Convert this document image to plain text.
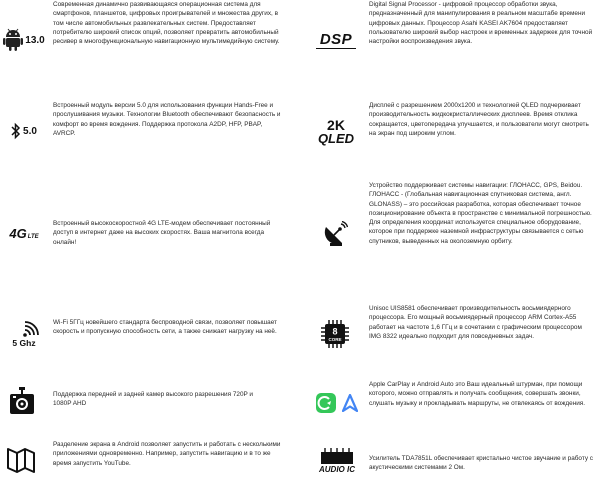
13.0

Современная динамично развивающаяся операционная система для смартфонов, планшетов, цифровых проигрывателей и множества других, в том числе автомобильных развлекательных систем. Предоставляет потребителю широкий список опций, позволяет превратить автомобильный ресивер в многофункциональную навигационную мультимедийную систему.

5.0

Встроенный модуль версии 5.0 для использования функции Hands-Free и прослушивания музыки. Технологии Bluetooth обеспечивают безопасность и комфорт во время вождения. Поддержка протокола A2DP, HFP, PBAP, AVRCP.

4G LTE

Встроенный высокоскоростной 4G LTE-модем обеспечивает постоянный доступ в интернет даже на высоких скоростях. Ваша магнитола всегда онлайн!

5 Ghz

Wi-Fi 5ГГц новейшего стандарта беспроводной связи, позволяет повышает скорость и пропускную способность сети, а также снижает нагрузку на неё.

Поддержка передней и задней камер высокого разрешения 720P и 1080P AHD

Разделение экрана в Android позволяет запустить и работать с несколькими приложениями одновременно. Например, запустить навигацию и в то же время запустить YouTube.

DSP

Digital Signal Processor - цифровой процессор обработки звука, предназначенный для манипулирования в реальном масштабе времени цифровых данных. Процессор Asahi KASEI AK7604 предоставляет пользователю широкий выбор настроек и временных задержек для точной настройки воспроизведения звука.

2K
QLED

Дисплей с разрешением 2000x1200 и технологией QLED подчеркивает производительность жидкокристаллических дисплеев. Время отклика сокращается, цветопередача улучшается, и пользователи могут смотреть на экран под широким углом.

Устройство поддерживает системы навигации: ГЛОНАСС, GPS, Beidou. ГЛОНАСС - (Глобальная навигационная спутниковая система, англ. GLONASS) – это российская разработка, которая обеспечивает точное позиционирование объекта в пространстве с минимальной погрешностью. Для определения координат используется специальное оборудование, которое при поддержке наземной инфраструктуры связывается с сетью спутников, выведенных на околоземную орбиту.

8
CORE

Unisoc UIS8581 обеспечивает производительность восьмиядерного процессора. Его мощный восьмиядерный процессор ARM Cortex-A55 работает на частоте 1,6 ГГц и в сочетании с графическим процессором IMG 8322 идеально подходит для повседневных задач.

Apple CarPlay и Android Auto это Ваш идеальный штурман, при помощи которого, можно отправлять и получать сообщения, совершать звонки, слушать музыку и прокладывать маршруты, не отвлекаясь от вождения.

AUDIO IC

Усилитель TDA7851L обеспечивает кристально чистое звучание и работу с акустическими системами 2 Ом.
